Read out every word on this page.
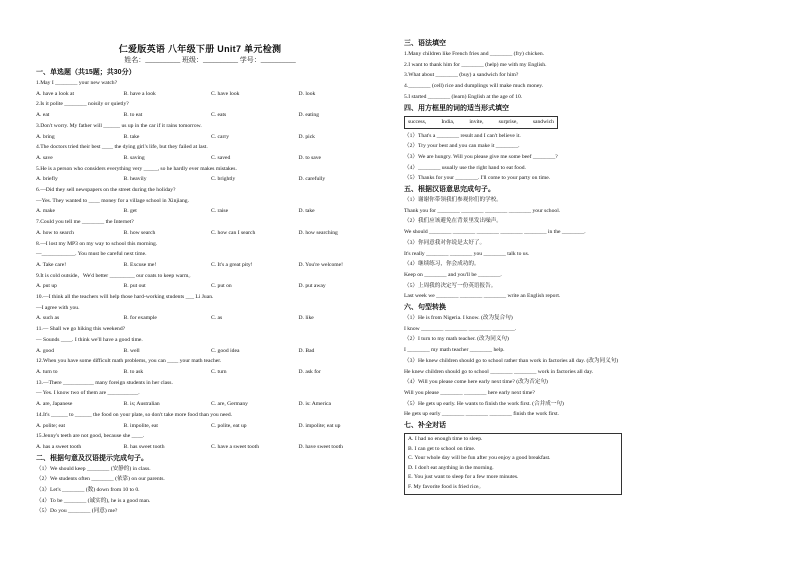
仁爱版英语 八年级下册 Unit7 单元检测
姓名：__________ 班级：__________ 学号：__________
一、单选题（共15题；共30分）
1.May I ________ your new watch?
A. have a look at	B. have a look	C. have look	D. look
2.Is it polite ________ noisily or quietly?
A. eat	B. to eat	C. eats	D. eating
3.Don't worry. My father will ______ us up in the car if it rains tomorrow.
A. bring	B. take	C. carry	D. pick
4.The doctors tried their best ____ the dying girl's life, but they failed at last.
A. save	B. saving	C. saved	D. to save
5.He is a person who considers everything very _____, so he hardly ever makes mistakes.
A. briefly	B. heavily	C. brightly	D. carefully
6.—Did they sell newspapers on the street during the holiday?
—Yes. They wanted to ____ money for a village school in Xinjiang.
A. make	B. get	C. raise	D. take
7.Could you tell me ________ the Internet?
A. how to search	B. how search	C. how can I search	D. how searching
8.—I lost my MP3 on my way to school this morning.
—____________. You must be careful next time.
A. Take care!	B. Excuse me!	C. It's a great pity!	D. You're welcome!
9.It is cold outside，We'd better _________ our coats to keep warm。
A. put up	B. put out	C. put on	D. put away
10.—I think all the teachers will help those hard-working students ___ Li Juan.
—I agree with you.
A. such as	B. for example	C. as	D. like
11.— Shall we go hiking this weekend?
— Sounds ____. I think we'll have a good time.
A. good	B. well	C. good idea	D. Bad
12.When you have some difficult math problems, you can ____ your math teacher.
A. turn to	B. to ask	C. turn	D. ask for
13.—There ___________ many foreign students in her class.
— Yes. I know two of them are ___________.
A. are, Japanese	B. is; Australian	C. are, Germany	D. is: America
14.It's ______ to ______ the food on your plate, so don't take more food than you need.
A. polite; eat	B. impolite, eat	C. polite, eat up	D. impolite; eat up
15.Jenny's teeth are not good, because she ____.
A. has a sweet tooth	B. has sweet tooth	C. have a sweet tooth	D. have sweet tooth
二、根据句意及汉语提示完成句子。
（1）We should keep ________ (安静的) in class.
（2）We students often ________ (依靠) on our parents.
（3）Let's ________ (数) down from 10 to 0.
（4）To be ________ (诚实的), he is a good man.
（5）Do you ________ (同意) me?
三、语法填空
1.Many children like French fries and ________ (fry) chicken.
2.I want to thank him for ________ (help) me with my English.
3.What about ________ (buy) a sandwich for him?
4.________ (cell) rice and dumplings will make much money.
5.I started ________ (learn) English at the age of 10.
四、用方框里的词的适当形式填空
success,	India,	invite,	surprise,	sandwich
（1）That's a ________ result and I can't believe it.
（2）Try your best and you can make it ________.
（3）We are hungry. Will you please give me some beef ________?
（4）________ usually use the right hand to eat food.
（5）Thanks for your ________. I'll come to your party on time.
五、根据汉语意思完成句子。
（1）谢谢你带领我们参观你们的学校。
Thank you for ________ ________ ________ ________ your school.
（2）我们应该避免在背景里发出噪声。
We should ________ ________ ________ ________ ________ in the ________.
（3）你同意我对你说是太好了。
It's really ________ ________ you ________ talk to us.
（4）继续练习，你会成功的。
Keep on ________ and you'll be ________.
（5）上周我的决定写一份英语报告。
Last week we ________ ________ ________ write an English report.
六、句型转换
（1）He is from Nigeria. I know. (改为复合句)
I know ________ ________ ________ ________.
（2）I turn to my math teacher. (改为同义句)
I ________ my math teacher ________ help.
（3）He knew children should go to school rather than work in factories all day. (改为同义句)
He knew children should go to school ________ ________ work in factories all day.
（4）Will you please come here early next time? (改为否定句)
Will you please ________ ________ here early next time?
（5）He gets up early. He wants to finish the work first. (合并成一句)
He gets up early ________ ________ ________ finish the work first.
七、补全对话
A. I had no enough time to sleep.
B. I can get to school on time.
C. Your whole day will be fun after you enjoy a good breakfast.
D. I don't eat anything in the morning.
E. You just want to sleep for a few more minutes.
F. My favorite food is fried rice。
